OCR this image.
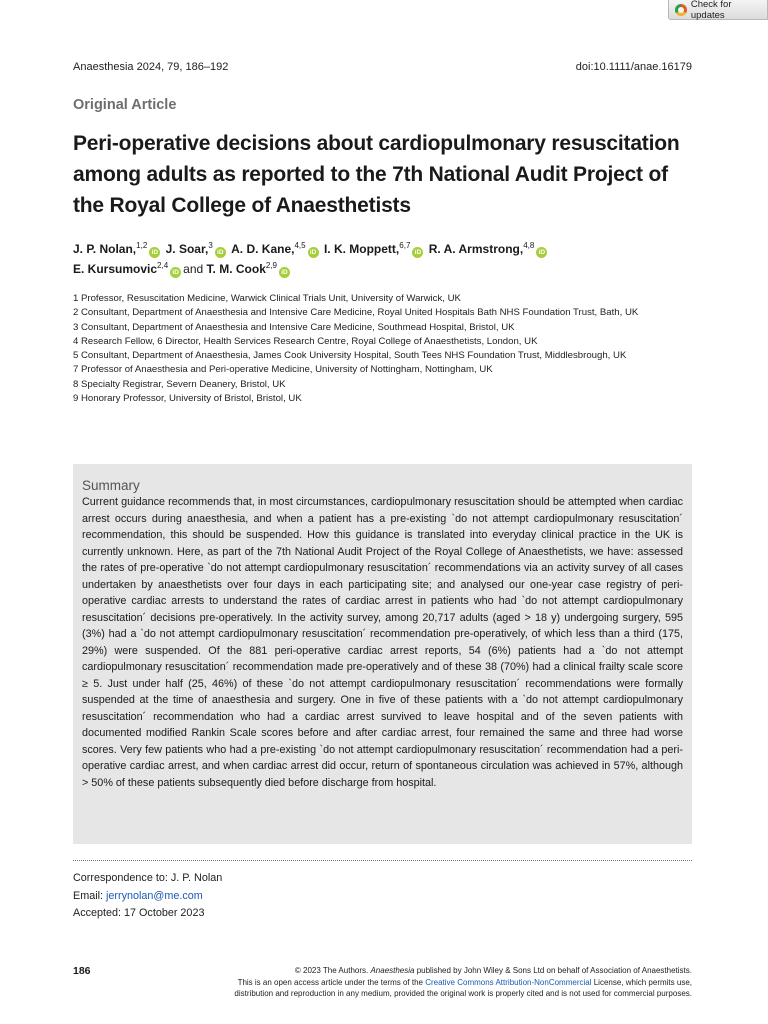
Check for updates
Anaesthesia 2024, 79, 186–192	doi:10.1111/anae.16179
Original Article
Peri-operative decisions about cardiopulmonary resuscitation among adults as reported to the 7th National Audit Project of the Royal College of Anaesthetists
J. P. Nolan,$^{1,2}$iD J. Soar,$^3$iD A. D. Kane,$^{4,5}$iD I. K. Moppett,$^{6,7}$iD R. A. Armstrong,$^{4,8}$iD
E. Kursumovic$^{2,4}$iD and T. M. Cook$^{2,9}$iD
1 Professor, Resuscitation Medicine, Warwick Clinical Trials Unit, University of Warwick, UK
2 Consultant, Department of Anaesthesia and Intensive Care Medicine, Royal United Hospitals Bath NHS Foundation Trust, Bath, UK
3 Consultant, Department of Anaesthesia and Intensive Care Medicine, Southmead Hospital, Bristol, UK
4 Research Fellow, 6 Director, Health Services Research Centre, Royal College of Anaesthetists, London, UK
5 Consultant, Department of Anaesthesia, James Cook University Hospital, South Tees NHS Foundation Trust, Middlesbrough, UK
7 Professor of Anaesthesia and Peri-operative Medicine, University of Nottingham, Nottingham, UK
8 Specialty Registrar, Severn Deanery, Bristol, UK
9 Honorary Professor, University of Bristol, Bristol, UK
Summary
Current guidance recommends that, in most circumstances, cardiopulmonary resuscitation should be attempted when cardiac arrest occurs during anaesthesia, and when a patient has a pre-existing `do not attempt cardiopulmonary resuscitation´ recommendation, this should be suspended. How this guidance is translated into everyday clinical practice in the UK is currently unknown. Here, as part of the 7th National Audit Project of the Royal College of Anaesthetists, we have: assessed the rates of pre-operative `do not attempt cardiopulmonary resuscitation´ recommendations via an activity survey of all cases undertaken by anaesthetists over four days in each participating site; and analysed our one-year case registry of peri-operative cardiac arrests to understand the rates of cardiac arrest in patients who had `do not attempt cardiopulmonary resuscitation´ decisions pre-operatively. In the activity survey, among 20,717 adults (aged > 18 y) undergoing surgery, 595 (3%) had a `do not attempt cardiopulmonary resuscitation´ recommendation pre-operatively, of which less than a third (175, 29%) were suspended. Of the 881 peri-operative cardiac arrest reports, 54 (6%) patients had a `do not attempt cardiopulmonary resuscitation´ recommendation made pre-operatively and of these 38 (70%) had a clinical frailty scale score ≥ 5. Just under half (25, 46%) of these `do not attempt cardiopulmonary resuscitation´ recommendations were formally suspended at the time of anaesthesia and surgery. One in five of these patients with a `do not attempt cardiopulmonary resuscitation´ recommendation who had a cardiac arrest survived to leave hospital and of the seven patients with documented modified Rankin Scale scores before and after cardiac arrest, four remained the same and three had worse scores. Very few patients who had a pre-existing `do not attempt cardiopulmonary resuscitation´ recommendation had a peri-operative cardiac arrest, and when cardiac arrest did occur, return of spontaneous circulation was achieved in 57%, although > 50% of these patients subsequently died before discharge from hospital.
Correspondence to: J. P. Nolan
Email: jerrynolan@me.com
Accepted: 17 October 2023
186	© 2023 The Authors. Anaesthesia published by John Wiley & Sons Ltd on behalf of Association of Anaesthetists.
This is an open access article under the terms of the Creative Commons Attribution-NonCommercial License, which permits use,
distribution and reproduction in any medium, provided the original work is properly cited and is not used for commercial purposes.
